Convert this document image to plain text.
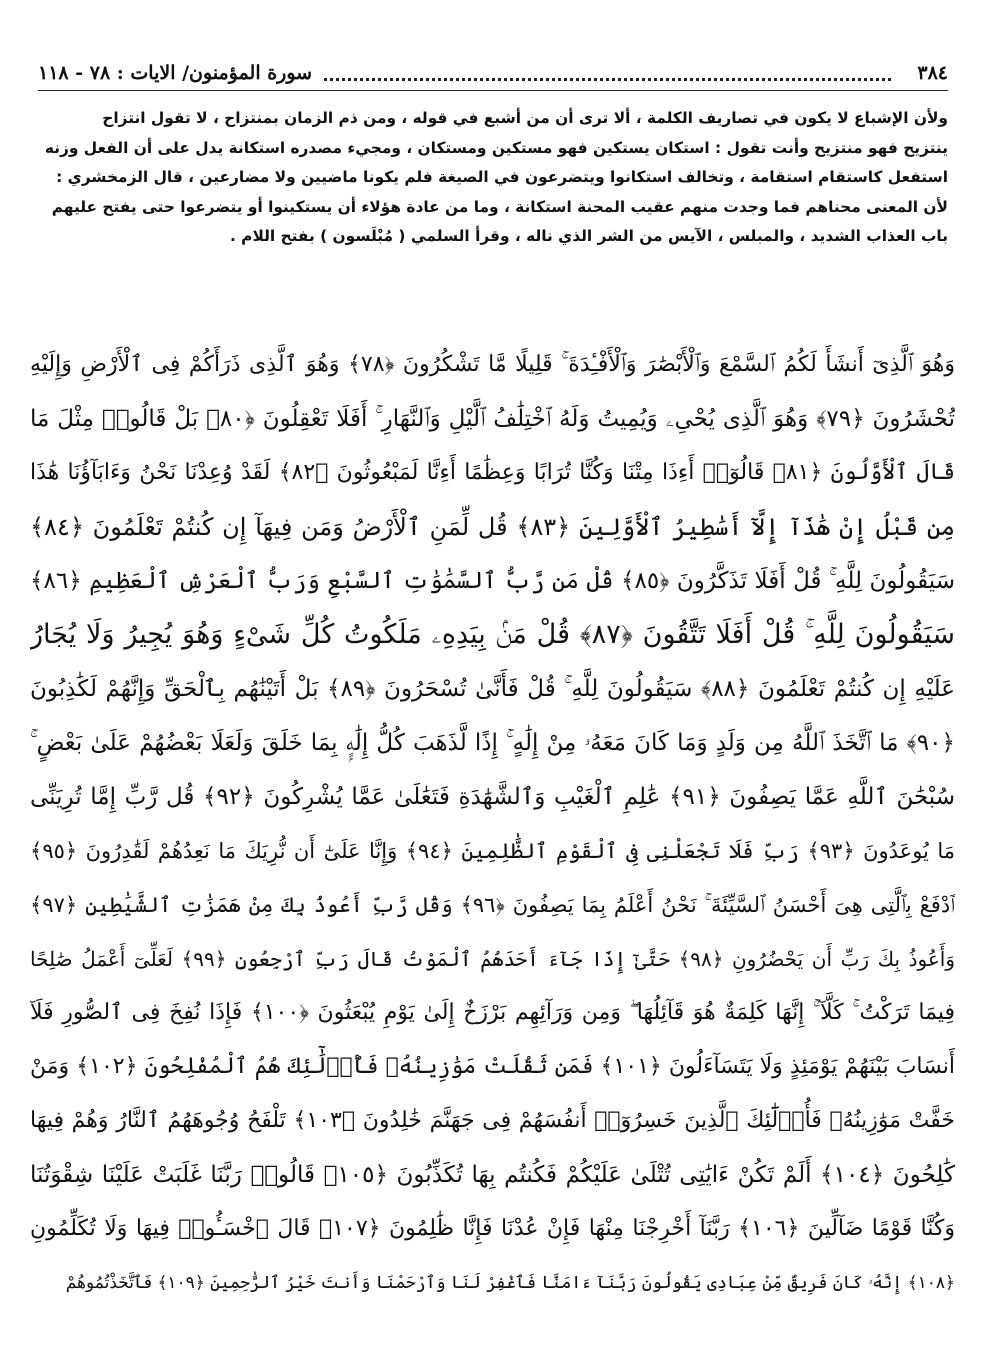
٣٨٤
سورة المؤمنون/ الايات : ٧٨ - ١١٨

ولأن الإشباع لا يكون في تصاريف الكلمة ، ألا ترى أن من أشبع في قوله ، ومن ذم الزمان بمنتزاح ، لا تقول انتزاح

ينتزيح فهو منتزيح وأنت تقول : استكان يستكين فهو مستكين ومستكان ، ومجيء مصدره استكانة يدل على أن الفعل وزنه

استفعل كاستقام استقامة ، وتخالف استكانوا ويتضرعون في الصيغة فلم يكونا ماضيين ولا مضارعين ، قال الزمخشري :

لأن المعنى محناهم فما وجدت منهم عقيب المحنة استكانة ، وما من عادة هؤلاء أن يستكينوا أو يتضرعوا حتى يفتح عليهم

باب العذاب الشديد ، والمبلس ، الآيس من الشر الذي ناله ، وقرأ السلمي ( مُبْلَسون ) بفتح اللام .

وَهُوَ ٱلَّذِىٓ أَنشَأَ لَكُمُ ٱلسَّمْعَ وَٱلْأَبْصَٰرَ وَٱلْأَفْـِٔدَةَ ۚ قَلِيلًا مَّا تَشْكُرُونَ ﴿٧٨﴾ وَهُوَ ٱلَّذِى ذَرَأَكُمْ فِى ٱلْأَرْضِ وَإِلَيْهِ
تُحْشَرُونَ ﴿٧٩﴾ وَهُوَ ٱلَّذِى يُحْىِۦ وَيُمِيتُ وَلَهُ ٱخْتِلَٰفُ ٱلَّيْلِ وَٱلنَّهَارِ ۚ أَفَلَا تَعْقِلُونَ ﴿٨٠﴾ بَلْ قَالُوا۟ مِثْلَ مَا
قَالَ ٱلْأَوَّلُونَ ﴿٨١﴾ قَالُوٓا۟ أَءِذَا مِتْنَا وَكُنَّا تُرَابًا وَعِظَٰمًا أَءِنَّا لَمَبْعُوثُونَ ﴿٨٢﴾ لَقَدْ وُعِدْنَا نَحْنُ وَءَابَآؤُنَا هَٰذَا
مِن قَبْلُ إِنْ هَٰذَآ إِلَّآ أَسَٰطِيرُ ٱلْأَوَّلِينَ ﴿٨٣﴾ قُل لِّمَنِ ٱلْأَرْضُ وَمَن فِيهَآ إِن كُنتُمْ تَعْلَمُونَ ﴿٨٤﴾
سَيَقُولُونَ لِلَّهِ ۚ قُلْ أَفَلَا تَذَكَّرُونَ ﴿٨٥﴾ قُلْ مَن رَّبُّ ٱلسَّمَٰوَٰتِ ٱلسَّبْعِ وَرَبُّ ٱلْعَرْشِ ٱلْعَظِيمِ ﴿٨٦﴾
سَيَقُولُونَ لِلَّهِ ۚ قُلْ أَفَلَا تَتَّقُونَ ﴿٨٧﴾ قُلْ مَنۢ بِيَدِهِۦ مَلَكُوتُ كُلِّ شَىْءٍ وَهُوَ يُجِيرُ وَلَا يُجَارُ
عَلَيْهِ إِن كُنتُمْ تَعْلَمُونَ ﴿٨٨﴾ سَيَقُولُونَ لِلَّهِ ۚ قُلْ فَأَنَّىٰ تُسْحَرُونَ ﴿٨٩﴾ بَلْ أَتَيْنَٰهُم بِٱلْحَقِّ وَإِنَّهُمْ لَكَٰذِبُونَ
﴿٩٠﴾ مَا ٱتَّخَذَ ٱللَّهُ مِن وَلَدٍ وَمَا كَانَ مَعَهُۥ مِنْ إِلَٰهٍ ۚ إِذًا لَّذَهَبَ كُلُّ إِلَٰهٍۭ بِمَا خَلَقَ وَلَعَلَا بَعْضُهُمْ عَلَىٰ بَعْضٍ ۚ
سُبْحَٰنَ ٱللَّهِ عَمَّا يَصِفُونَ ﴿٩١﴾ عَٰلِمِ ٱلْغَيْبِ وَٱلشَّهَٰدَةِ فَتَعَٰلَىٰ عَمَّا يُشْرِكُونَ ﴿٩٢﴾ قُل رَّبِّ إِمَّا تُرِيَنِّى
مَا يُوعَدُونَ ﴿٩٣﴾ رَبِّ فَلَا تَجْعَلْنِى فِى ٱلْقَوْمِ ٱلظَّٰلِمِينَ ﴿٩٤﴾ وَإِنَّا عَلَىٰٓ أَن نُّرِيَكَ مَا نَعِدُهُمْ لَقَٰدِرُونَ ﴿٩٥﴾
ٱدْفَعْ بِٱلَّتِى هِىَ أَحْسَنُ ٱلسَّيِّئَةَ ۚ نَحْنُ أَعْلَمُ بِمَا يَصِفُونَ ﴿٩٦﴾ وَقُل رَّبِّ أَعُوذُ بِكَ مِنْ هَمَزَٰتِ ٱلشَّيَٰطِينِ ﴿٩٧﴾
وَأَعُوذُ بِكَ رَبِّ أَن يَحْضُرُونِ ﴿٩٨﴾ حَتَّىٰٓ إِذَا جَآءَ أَحَدَهُمُ ٱلْمَوْتُ قَالَ رَبِّ ٱرْجِعُونِ ﴿٩٩﴾ لَعَلِّىٓ أَعْمَلُ صَٰلِحًا
فِيمَا تَرَكْتُ ۚ كَلَّآ ۚ إِنَّهَا كَلِمَةٌ هُوَ قَآئِلُهَا ۖ وَمِن وَرَآئِهِم بَرْزَخٌ إِلَىٰ يَوْمِ يُبْعَثُونَ ﴿١٠٠﴾ فَإِذَا نُفِخَ فِى ٱلصُّورِ فَلَآ
أَنسَابَ بَيْنَهُمْ يَوْمَئِذٍ وَلَا يَتَسَآءَلُونَ ﴿١٠١﴾ فَمَن ثَقُلَتْ مَوَٰزِينُهُۥ فَأُو۟لَٰٓئِكَ هُمُ ٱلْمُفْلِحُونَ ﴿١٠٢﴾ وَمَنْ
خَفَّتْ مَوَٰزِينُهُۥ فَأُو۟لَٰٓئِكَ ٱلَّذِينَ خَسِرُوٓا۟ أَنفُسَهُمْ فِى جَهَنَّمَ خَٰلِدُونَ ﴿١٠٣﴾ تَلْفَحُ وُجُوهَهُمُ ٱلنَّارُ وَهُمْ فِيهَا
كَٰلِحُونَ ﴿١٠٤﴾ أَلَمْ تَكُنْ ءَايَٰتِى تُتْلَىٰ عَلَيْكُمْ فَكُنتُم بِهَا تُكَذِّبُونَ ﴿١٠٥﴾ قَالُوا۟ رَبَّنَا غَلَبَتْ عَلَيْنَا شِقْوَتُنَا
وَكُنَّا قَوْمًا ضَآلِّينَ ﴿١٠٦﴾ رَبَّنَآ أَخْرِجْنَا مِنْهَا فَإِنْ عُدْنَا فَإِنَّا ظَٰلِمُونَ ﴿١٠٧﴾ قَالَ ٱخْسَـُٔوا۟ فِيهَا وَلَا تُكَلِّمُونِ
﴿١٠٨﴾ إِنَّهُۥ كَانَ فَرِيقٌ مِّنْ عِبَادِى يَقُولُونَ رَبَّنَآ ءَامَنَّا فَٱغْفِرْ لَنَا وَٱرْحَمْنَا وَأَنتَ خَيْرُ ٱلرَّٰحِمِينَ ﴿١٠٩﴾ فَٱتَّخَذْتُمُوهُمْ
